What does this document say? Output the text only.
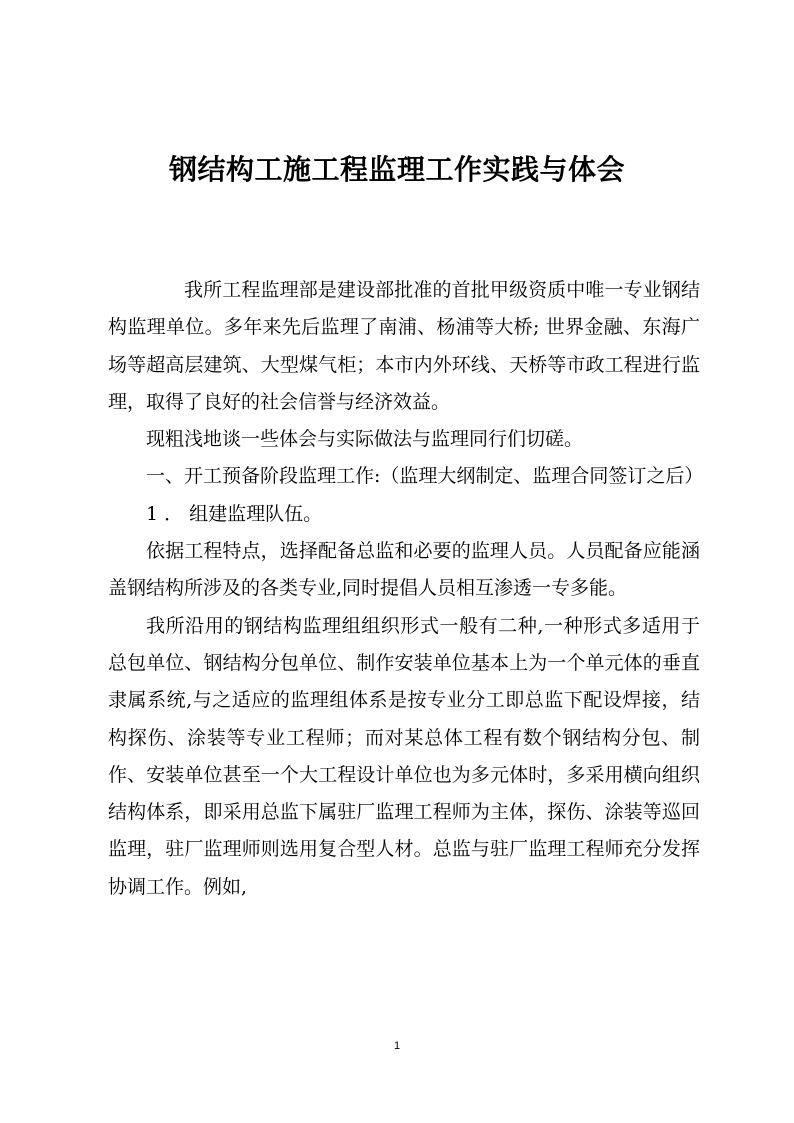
钢结构工施工程监理工作实践与体会

我所工程监理部是建设部批准的首批甲级资质中唯一专业钢结构监理单位。多年来先后监理了南浦、杨浦等大桥; 世界金融、东海广场等超高层建筑、大型煤气柜；本市内外环线、天桥等市政工程进行监理，取得了良好的社会信誉与经济效益。

现粗浅地谈一些体会与实际做法与监理同行们切磋。

一、开工预备阶段监理工作:（监理大纲制定、监理合同签订之后）

1 ． 组建监理队伍。

依据工程特点，选择配备总监和必要的监理人员。人员配备应能涵盖钢结构所涉及的各类专业,同时提倡人员相互渗透一专多能。

我所沿用的钢结构监理组组织形式一般有二种,一种形式多适用于总包单位、钢结构分包单位、制作安装单位基本上为一个单元体的垂直隶属系统,与之适应的监理组体系是按专业分工即总监下配设焊接，结构探伤、涂装等专业工程师；而对某总体工程有数个钢结构分包、制作、安装单位甚至一个大工程设计单位也为多元体时，多采用横向组织结构体系，即采用总监下属驻厂监理工程师为主体，探伤、涂装等巡回监理，驻厂监理师则选用复合型人材。总监与驻厂监理工程师充分发挥协调工作。例如,

1
